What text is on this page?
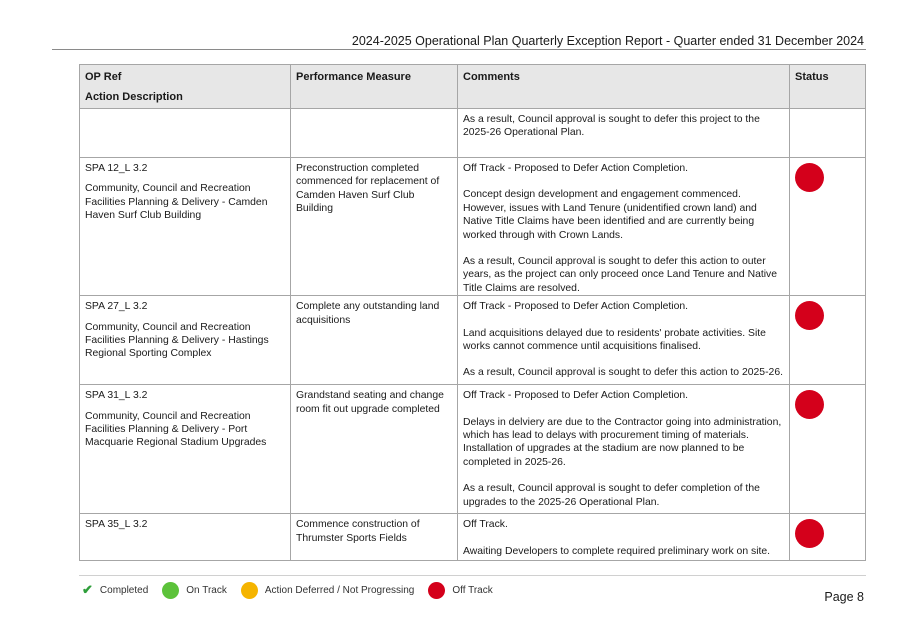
2024-2025 Operational Plan Quarterly Exception Report - Quarter ended 31 December 2024
OP Ref
Action Description	Performance Measure	Comments	Status

		As a result, Council approval is sought to defer this project to the 2025-26 Operational Plan.	

SPA 12_L 3.2
Community, Council and Recreation Facilities Planning & Delivery - Camden Haven Surf Club Building	Preconstruction completed commenced for replacement of Camden Haven Surf Club Building	Off Track - Proposed to Defer Action Completion.
Concept design development and engagement commenced. However, issues with Land Tenure (unidentified crown land) and Native Title Claims have been identified and are currently being worked through with Crown Lands.
As a result, Council approval is sought to defer this action to outer years, as the project can only proceed once Land Tenure and Native Title Claims are resolved.	

SPA 27_L 3.2
Community, Council and Recreation Facilities Planning & Delivery - Hastings Regional Sporting Complex	Complete any outstanding land acquisitions	Off Track - Proposed to Defer Action Completion.
Land acquisitions delayed due to residents' probate activities. Site works cannot commence until acquisitions finalised.
As a result, Council approval is sought to defer this action to 2025-26.	

SPA 31_L 3.2
Community, Council and Recreation Facilities Planning & Delivery - Port Macquarie Regional Stadium Upgrades	Grandstand seating and change room fit out upgrade completed	Off Track - Proposed to Defer Action Completion.
Delays in delviery are due to the Contractor going into administration, which has lead to delays with procurement timing of materials. Installation of upgrades at the stadium are now planned to be completed in 2025-26.
As a result, Council approval is sought to defer completion of the upgrades to the 2025-26 Operational Plan.	

SPA 35_L 3.2	Commence construction of Thrumster Sports Fields	Off Track.
Awaiting Developers to complete required preliminary work on site.	

✔ Completed	On Track	Action Deferred / Not Progressing	Off Track	Page 8
